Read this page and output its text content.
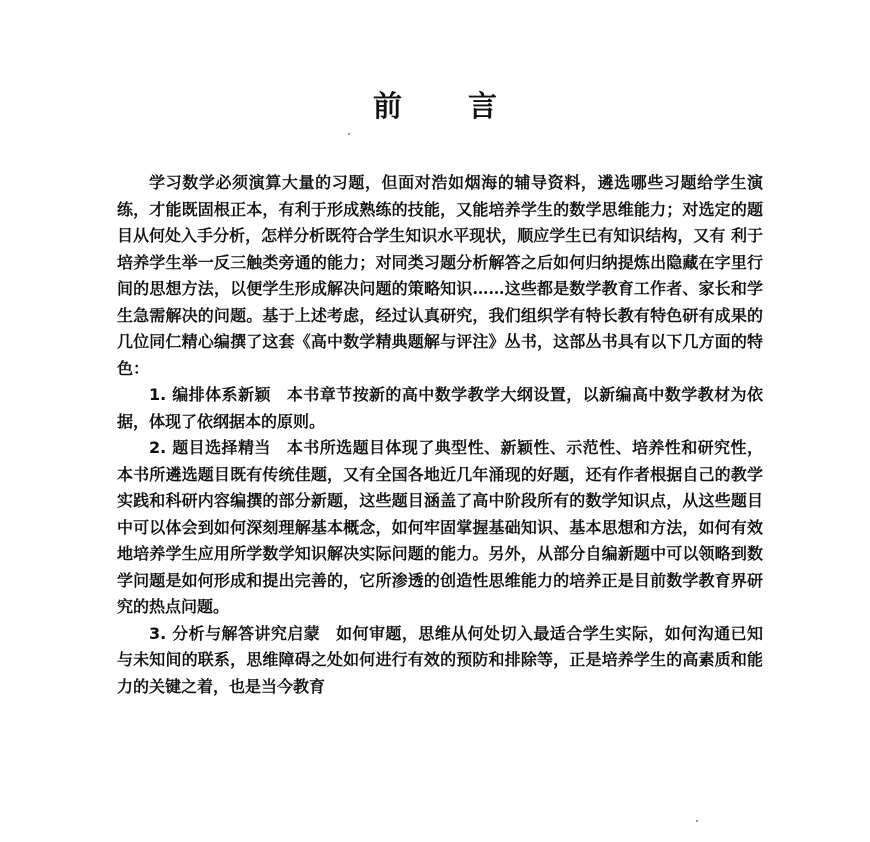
前 言

学习数学必须演算大量的习题，但面对浩如烟海的辅导资料，遴选哪些习题给学生演练，才能既固根正本，有利于形成熟练的技能，又能培养学生的数学思维能力；对选定的题目从何处入手分析，怎样分析既符合学生知识水平现状，顺应学生已有知识结构，又有 利于培养学生举一反三触类旁通的能力；对同类习题分析解答之后如何归纳提炼出隐藏在字里行间的思想方法，以便学生形成解决问题的策略知识……这些都是数学教育工作者、家长和学生急需解决的问题。基于上述考虑，经过认真研究，我们组织学有特长教有特色研有成果的几位同仁精心编撰了这套《高中数学精典题解与评注》丛书，这部丛书具有以下几方面的特色：

1. 编排体系新颖 本书章节按新的高中数学教学大纲设置，以新编高中数学教材为依据，体现了依纲据本的原则。

2. 题目选择精当 本书所选题目体现了典型性、新颖性、示范性、培养性和研究性，本书所遴选题目既有传统佳题，又有全国各地近几年涌现的好题，还有作者根据自己的教学实践和科研内容编撰的部分新题，这些题目涵盖了高中阶段所有的数学知识点，从这些题目中可以体会到如何深刻理解基本概念，如何牢固掌握基础知识、基本思想和方法，如何有效地培养学生应用所学数学知识解决实际问题的能力。另外，从部分自编新题中可以领略到数学问题是如何形成和提出完善的，它所渗透的创造性思维能力的培养正是目前数学教育界研究的热点问题。

3. 分析与解答讲究启蒙 如何审题，思维从何处切入最适合学生实际，如何沟通已知与未知间的联系，思维障碍之处如何进行有效的预防和排除等，正是培养学生的高素质和能力的关键之着，也是当今教育
